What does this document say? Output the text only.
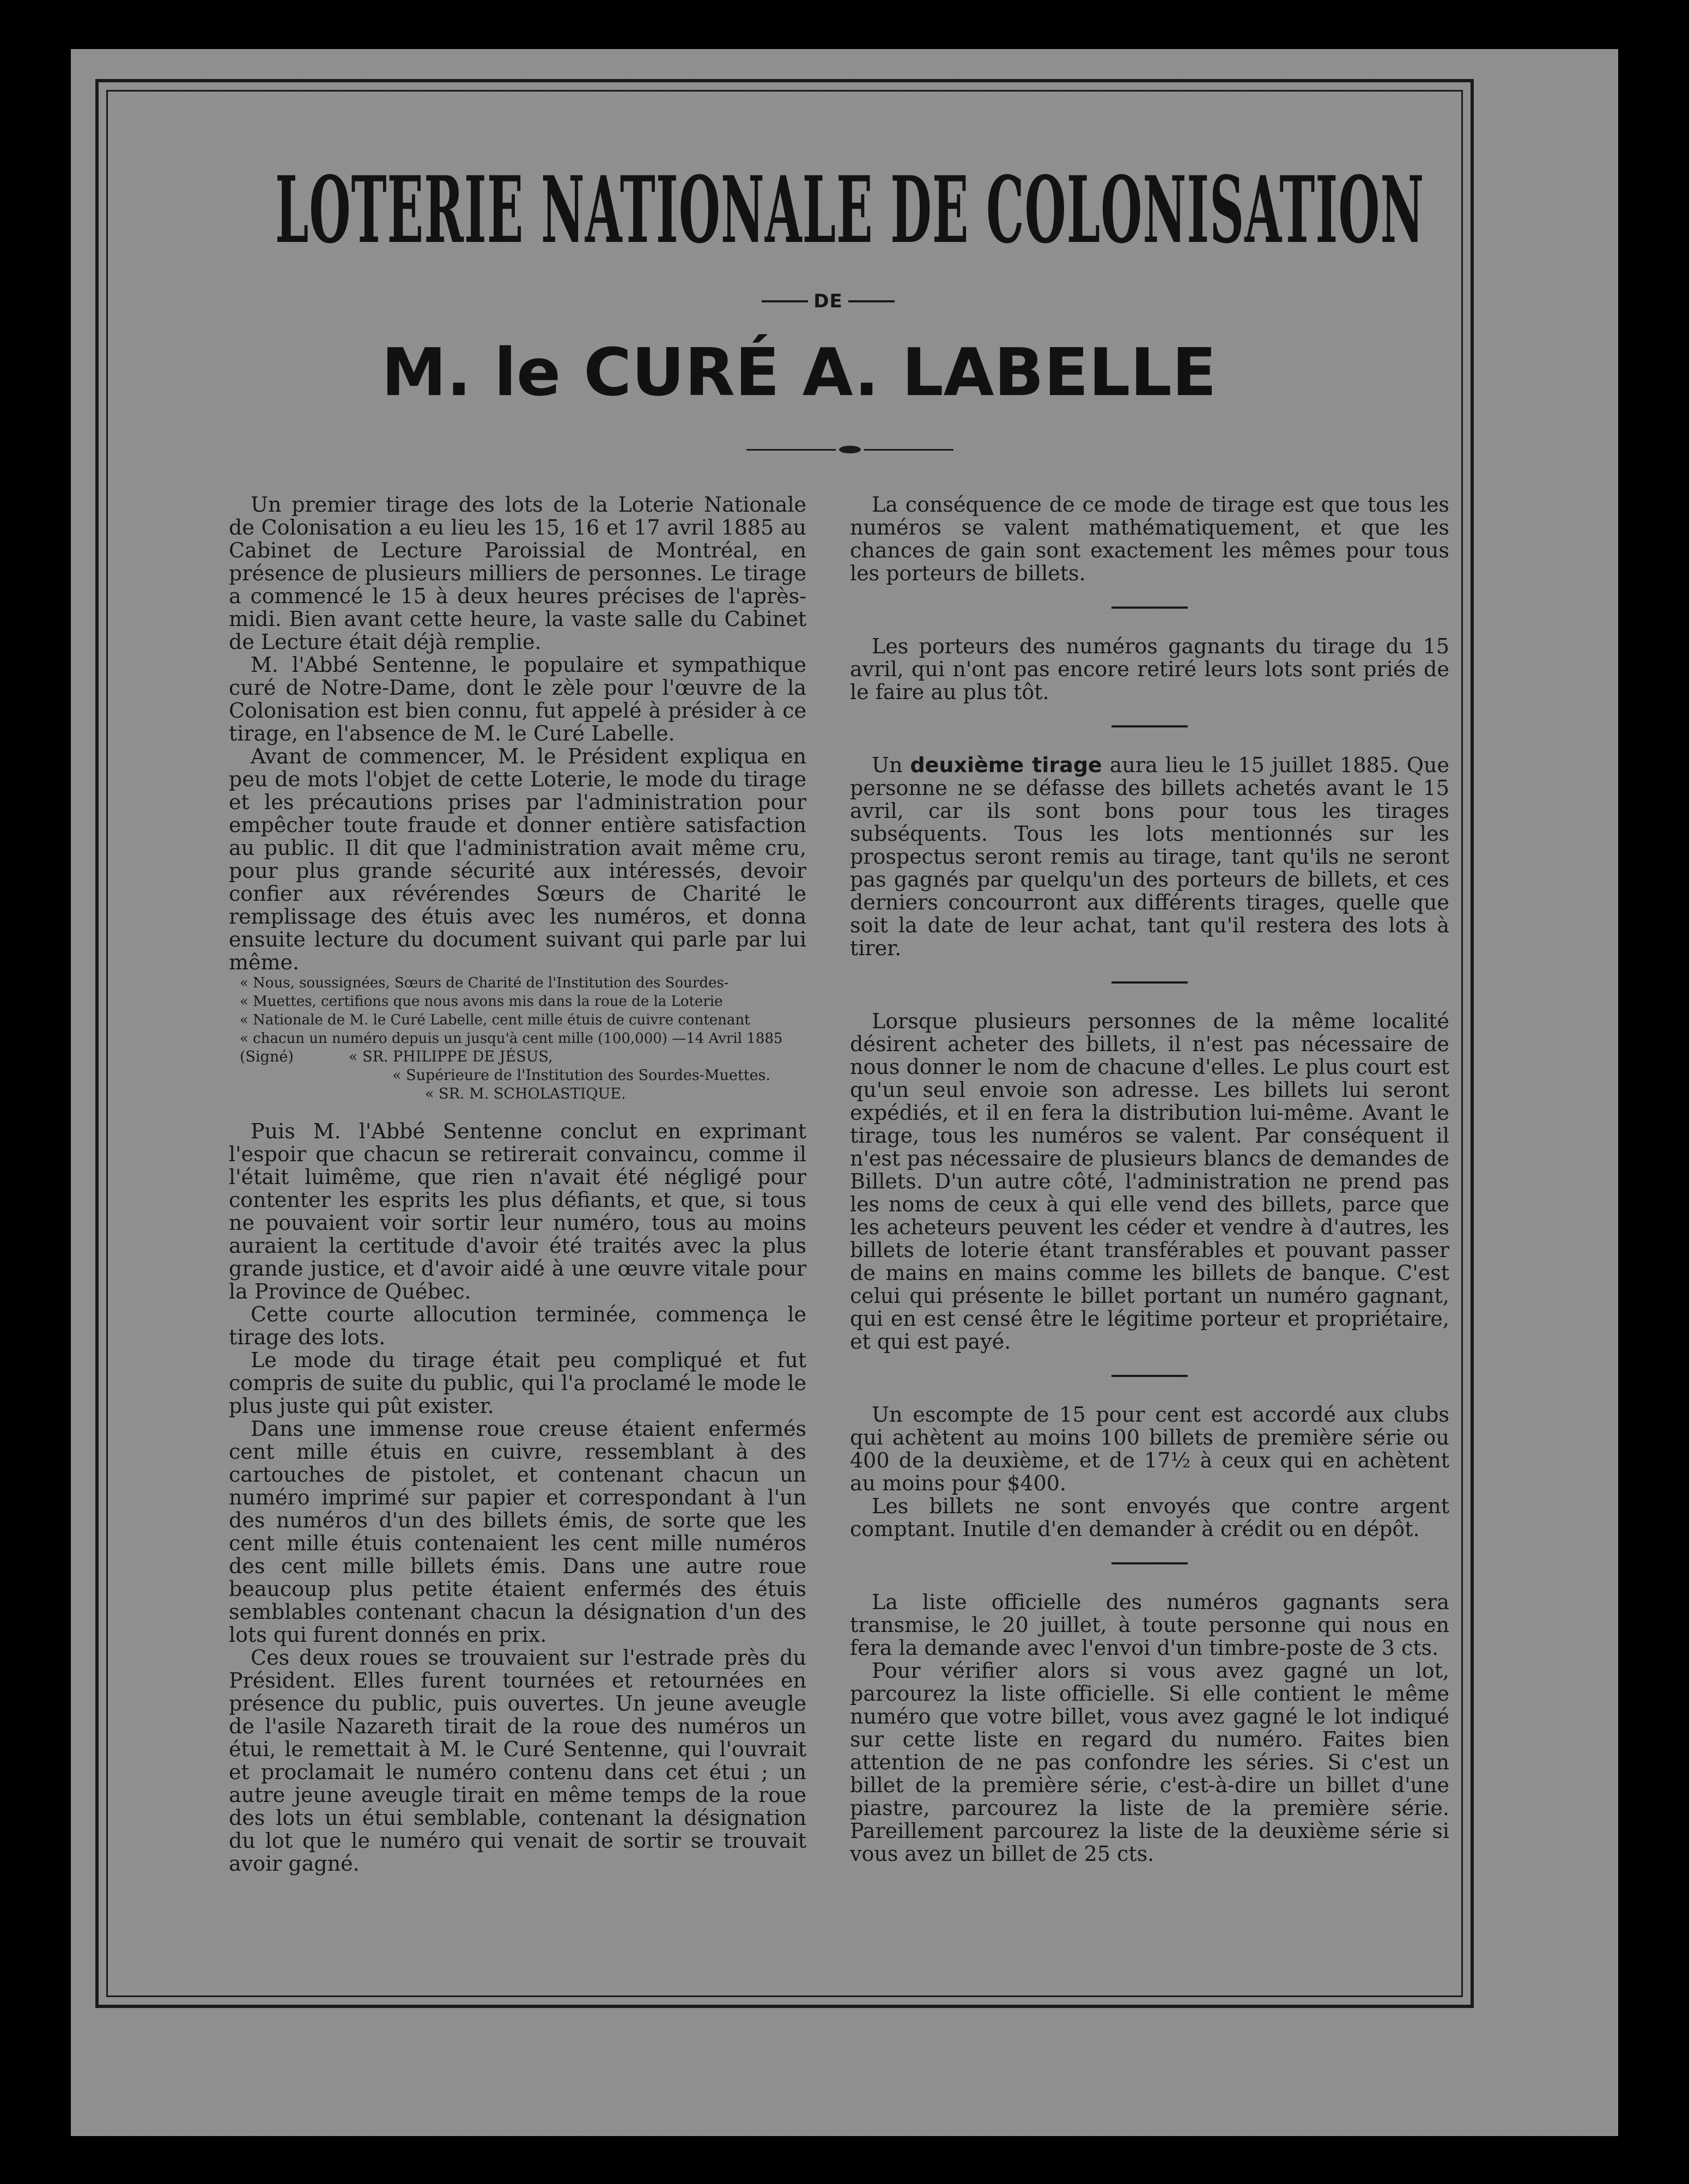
LOTERIE NATIONALE DE COLONISATION
DE
M. le CURÉ A. LABELLE

Un premier tirage des lots de la Loterie Nationale de Colonisation a eu lieu les 15, 16 et 17 avril 1885 au Cabinet de Lecture Paroissial de Montréal, en présence de plusieurs milliers de personnes. Le tirage a commencé le 15 à deux heures précises de l'après-midi. Bien avant cette heure, la vaste salle du Cabinet de Lecture était déjà remplie.

M. l'Abbé Sentenne, le populaire et sympathique curé de Notre-Dame, dont le zèle pour l'œuvre de la Colonisation est bien connu, fut appelé à présider à ce tirage, en l'absence de M. le Curé Labelle.

Avant de commencer, M. le Président expliqua en peu de mots l'objet de cette Loterie, le mode du tirage et les précautions prises par l'administration pour empêcher toute fraude et donner entière satisfaction au public. Il dit que l'administration avait même cru, pour plus grande sécurité aux intéressés, devoir confier aux révérendes Sœurs de Charité le remplissage des étuis avec les numéros, et donna ensuite lecture du document suivant qui parle par lui même.

« Nous, soussignées, Sœurs de Charité de l'Institution des Sourdes-

« Muettes, certifions que nous avons mis dans la roue de la Loterie

« Nationale de M. le Curé Labelle, cent mille étuis de cuivre contenant

« chacun un numéro depuis un jusqu'à cent mille (100,000) —14 Avril 1885

(Signé)	« SR. PHILIPPE DE JÉSUS,
« Supérieure de l'Institution des Sourdes-Muettes.
« SR. M. SCHOLASTIQUE.

Puis M. l'Abbé Sentenne conclut en exprimant l'espoir que chacun se retirerait convaincu, comme il l'était luimême, que rien n'avait été négligé pour contenter les esprits les plus défiants, et que, si tous ne pouvaient voir sortir leur numéro, tous au moins auraient la certitude d'avoir été traités avec la plus grande justice, et d'avoir aidé à une œuvre vitale pour la Province de Québec.

Cette courte allocution terminée, commença le tirage des lots.

Le mode du tirage était peu compliqué et fut compris de suite du public, qui l'a proclamé le mode le plus juste qui pût exister.

Dans une immense roue creuse étaient enfermés cent mille étuis en cuivre, ressemblant à des cartouches de pistolet, et contenant chacun un numéro imprimé sur papier et correspondant à l'un des numéros d'un des billets émis, de sorte que les cent mille étuis contenaient les cent mille numéros des cent mille billets émis. Dans une autre roue beaucoup plus petite étaient enfermés des étuis semblables contenant chacun la désignation d'un des lots qui furent donnés en prix.

Ces deux roues se trouvaient sur l'estrade près du Président. Elles furent tournées et retournées en présence du public, puis ouvertes. Un jeune aveugle de l'asile Nazareth tirait de la roue des numéros un étui, le remettait à M. le Curé Sentenne, qui l'ouvrait et proclamait le numéro contenu dans cet étui ; un autre jeune aveugle tirait en même temps de la roue des lots un étui semblable, contenant la désignation du lot que le numéro qui venait de sortir se trouvait avoir gagné.

La conséquence de ce mode de tirage est que tous les numéros se valent mathématiquement, et que les chances de gain sont exactement les mêmes pour tous les porteurs de billets.

Les porteurs des numéros gagnants du tirage du 15 avril, qui n'ont pas encore retiré leurs lots sont priés de le faire au plus tôt.

Un deuxième tirage aura lieu le 15 juillet 1885. Que personne ne se défasse des billets achetés avant le 15 avril, car ils sont bons pour tous les tirages subséquents. Tous les lots mentionnés sur les prospectus seront remis au tirage, tant qu'ils ne seront pas gagnés par quelqu'un des porteurs de billets, et ces derniers concourront aux différents tirages, quelle que soit la date de leur achat, tant qu'il restera des lots à tirer.

Lorsque plusieurs personnes de la même localité désirent acheter des billets, il n'est pas nécessaire de nous donner le nom de chacune d'elles. Le plus court est qu'un seul envoie son adresse. Les billets lui seront expédiés, et il en fera la distribution lui-même. Avant le tirage, tous les numéros se valent. Par conséquent il n'est pas nécessaire de plusieurs blancs de demandes de Billets. D'un autre côté, l'administration ne prend pas les noms de ceux à qui elle vend des billets, parce que les acheteurs peuvent les céder et vendre à d'autres, les billets de loterie étant transférables et pouvant passer de mains en mains comme les billets de banque. C'est celui qui présente le billet portant un numéro gagnant, qui en est censé être le légitime porteur et propriétaire, et qui est payé.

Un escompte de 15 pour cent est accordé aux clubs qui achètent au moins 100 billets de première série ou 400 de la deuxième, et de 17½ à ceux qui en achètent au moins pour $400.

Les billets ne sont envoyés que contre argent comptant. Inutile d'en demander à crédit ou en dépôt.

La liste officielle des numéros gagnants sera transmise, le 20 juillet, à toute personne qui nous en fera la demande avec l'envoi d'un timbre-poste de 3 cts.

Pour vérifier alors si vous avez gagné un lot, parcourez la liste officielle. Si elle contient le même numéro que votre billet, vous avez gagné le lot indiqué sur cette liste en regard du numéro. Faites bien attention de ne pas confondre les séries. Si c'est un billet de la première série, c'est-à-dire un billet d'une piastre, parcourez la liste de la première série. Pareillement parcourez la liste de la deuxième série si vous avez un billet de 25 cts.
